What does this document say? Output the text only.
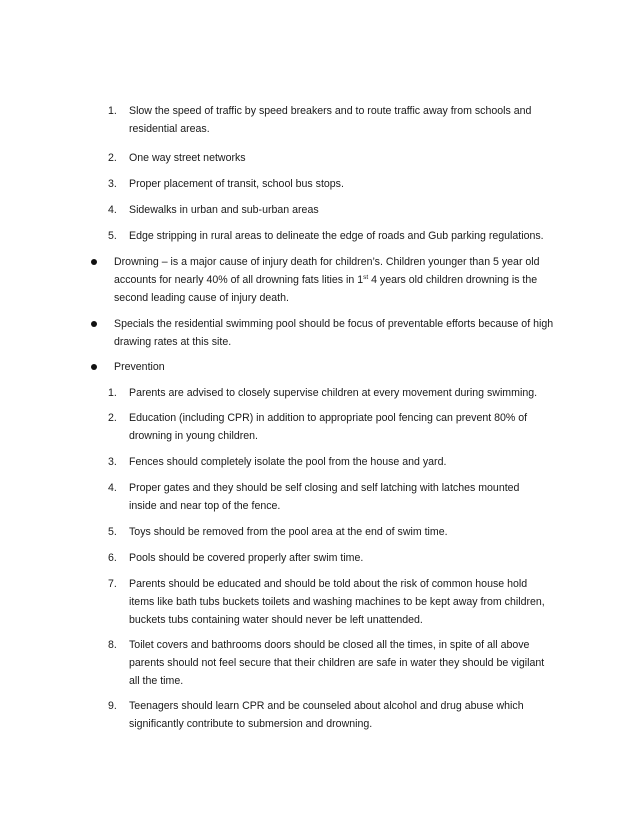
1.	Slow the speed of traffic by speed breakers and to route traffic away from schools and residential areas.
2.	One way street networks
3.	Proper placement of transit, school bus stops.
4.	Sidewalks in urban and sub-urban areas
5.	Edge stripping in rural areas to delineate the edge of roads and Gub parking regulations.
Drowning – is a major cause of injury death for children’s. Children younger than 5 year old accounts for nearly 40% of all drowning fats lities in 1st 4 years old children drowning is the second leading cause of injury death.
Specials the residential swimming pool should be focus of preventable efforts because of high drawing rates at this site.
Prevention
1.	Parents are advised to closely supervise children at every movement during swimming.
2.	Education (including CPR) in addition to appropriate pool fencing can prevent 80% of drowning in young children.
3.	Fences should completely isolate the pool from the house and yard.
4.	Proper gates and they should be self closing and self latching with latches mounted inside and near top of the fence.
5.	Toys should be removed from the pool area at the end of swim time.
6.	Pools should be covered properly after swim time.
7.	Parents should be educated and should be told about the risk of common house hold items like bath tubs buckets toilets and washing machines to be kept away from children, buckets tubs containing water should never be left unattended.
8.	Toilet covers and bathrooms doors should be closed all the times, in spite of all above parents should not feel secure that their children are safe in water they should be vigilant all the time.
9.	Teenagers should learn CPR and be counseled about alcohol and drug abuse which significantly contribute to submersion and drowning.
